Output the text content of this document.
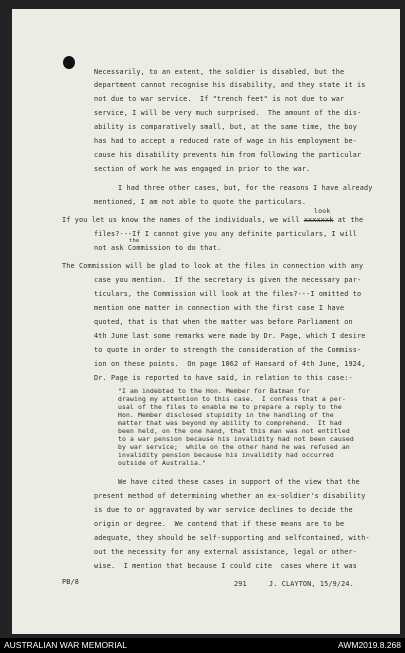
Necessarily, to an extent, the soldier is disabled, but the
department cannot recognise his disability, and they state it is
not due to war service.  If "trench feet" is not due to war
service, I will be very much surprised.  The amount of the dis-
ability is comparatively small, but, at the same time, the boy
has had to accept a reduced rate of wage in his employment be-
cause his disability prevents him from following the particular
section of work he was engaged in prior to the war.
I had three other cases, but, for the reasons I have already
mentioned, I am not able to quote the particulars.
look
If you let us know the names of the individuals, we will xxxxxxk at the
files?---If I cannot give you any definite particulars, I will
the
not ask Commission to do that.
The Commission will be glad to look at the files in connection with any
case you mention.  If the secretary is given the necessary par-
ticulars, the Commission will look at the files?---I omitted to
mention one matter in connection with the first case I have
quoted, that is that when the matter was before Parliament on
4th June last some remarks were made by Dr. Page, which I desire
to quote in order to strength the consideration of the Commiss-
ion on these points.  On page 1062 of Hansard of 4th June, 1924,
Dr. Page is reported to have said, in relation to this case:-
"I am indebted to the Hon. Member for Batman for
drawing my attention to this case.  I confess that a per-
usal of the files to enable me to prepare a reply to the
Hon. Member disclosed stupidity in the handling of the
matter that was beyond my ability to comprehend.  It had
been held, on the one hand, that this man was not entitled
to a war pension because his invalidity had not been caused
by war service;  while on the other hand he was refused an
invalidity pension because his invalidity had occurred
outside of Australia."
We have cited these cases in support of the view that the
present method of determining whether an ex-soldier's disability
is due to or aggravated by war service declines to decide the
origin or degree.  We contend that if these means are to be
adequate, they should be self-supporting and selfcontained, with-
out the necessity for any external assistance, legal or other-
wise.  I mention that because I could cite  cases where it was
PB/8	291	J. CLAYTON, 15/9/24.
AUSTRALIAN WAR MEMORIAL	AWM2019.8.268
